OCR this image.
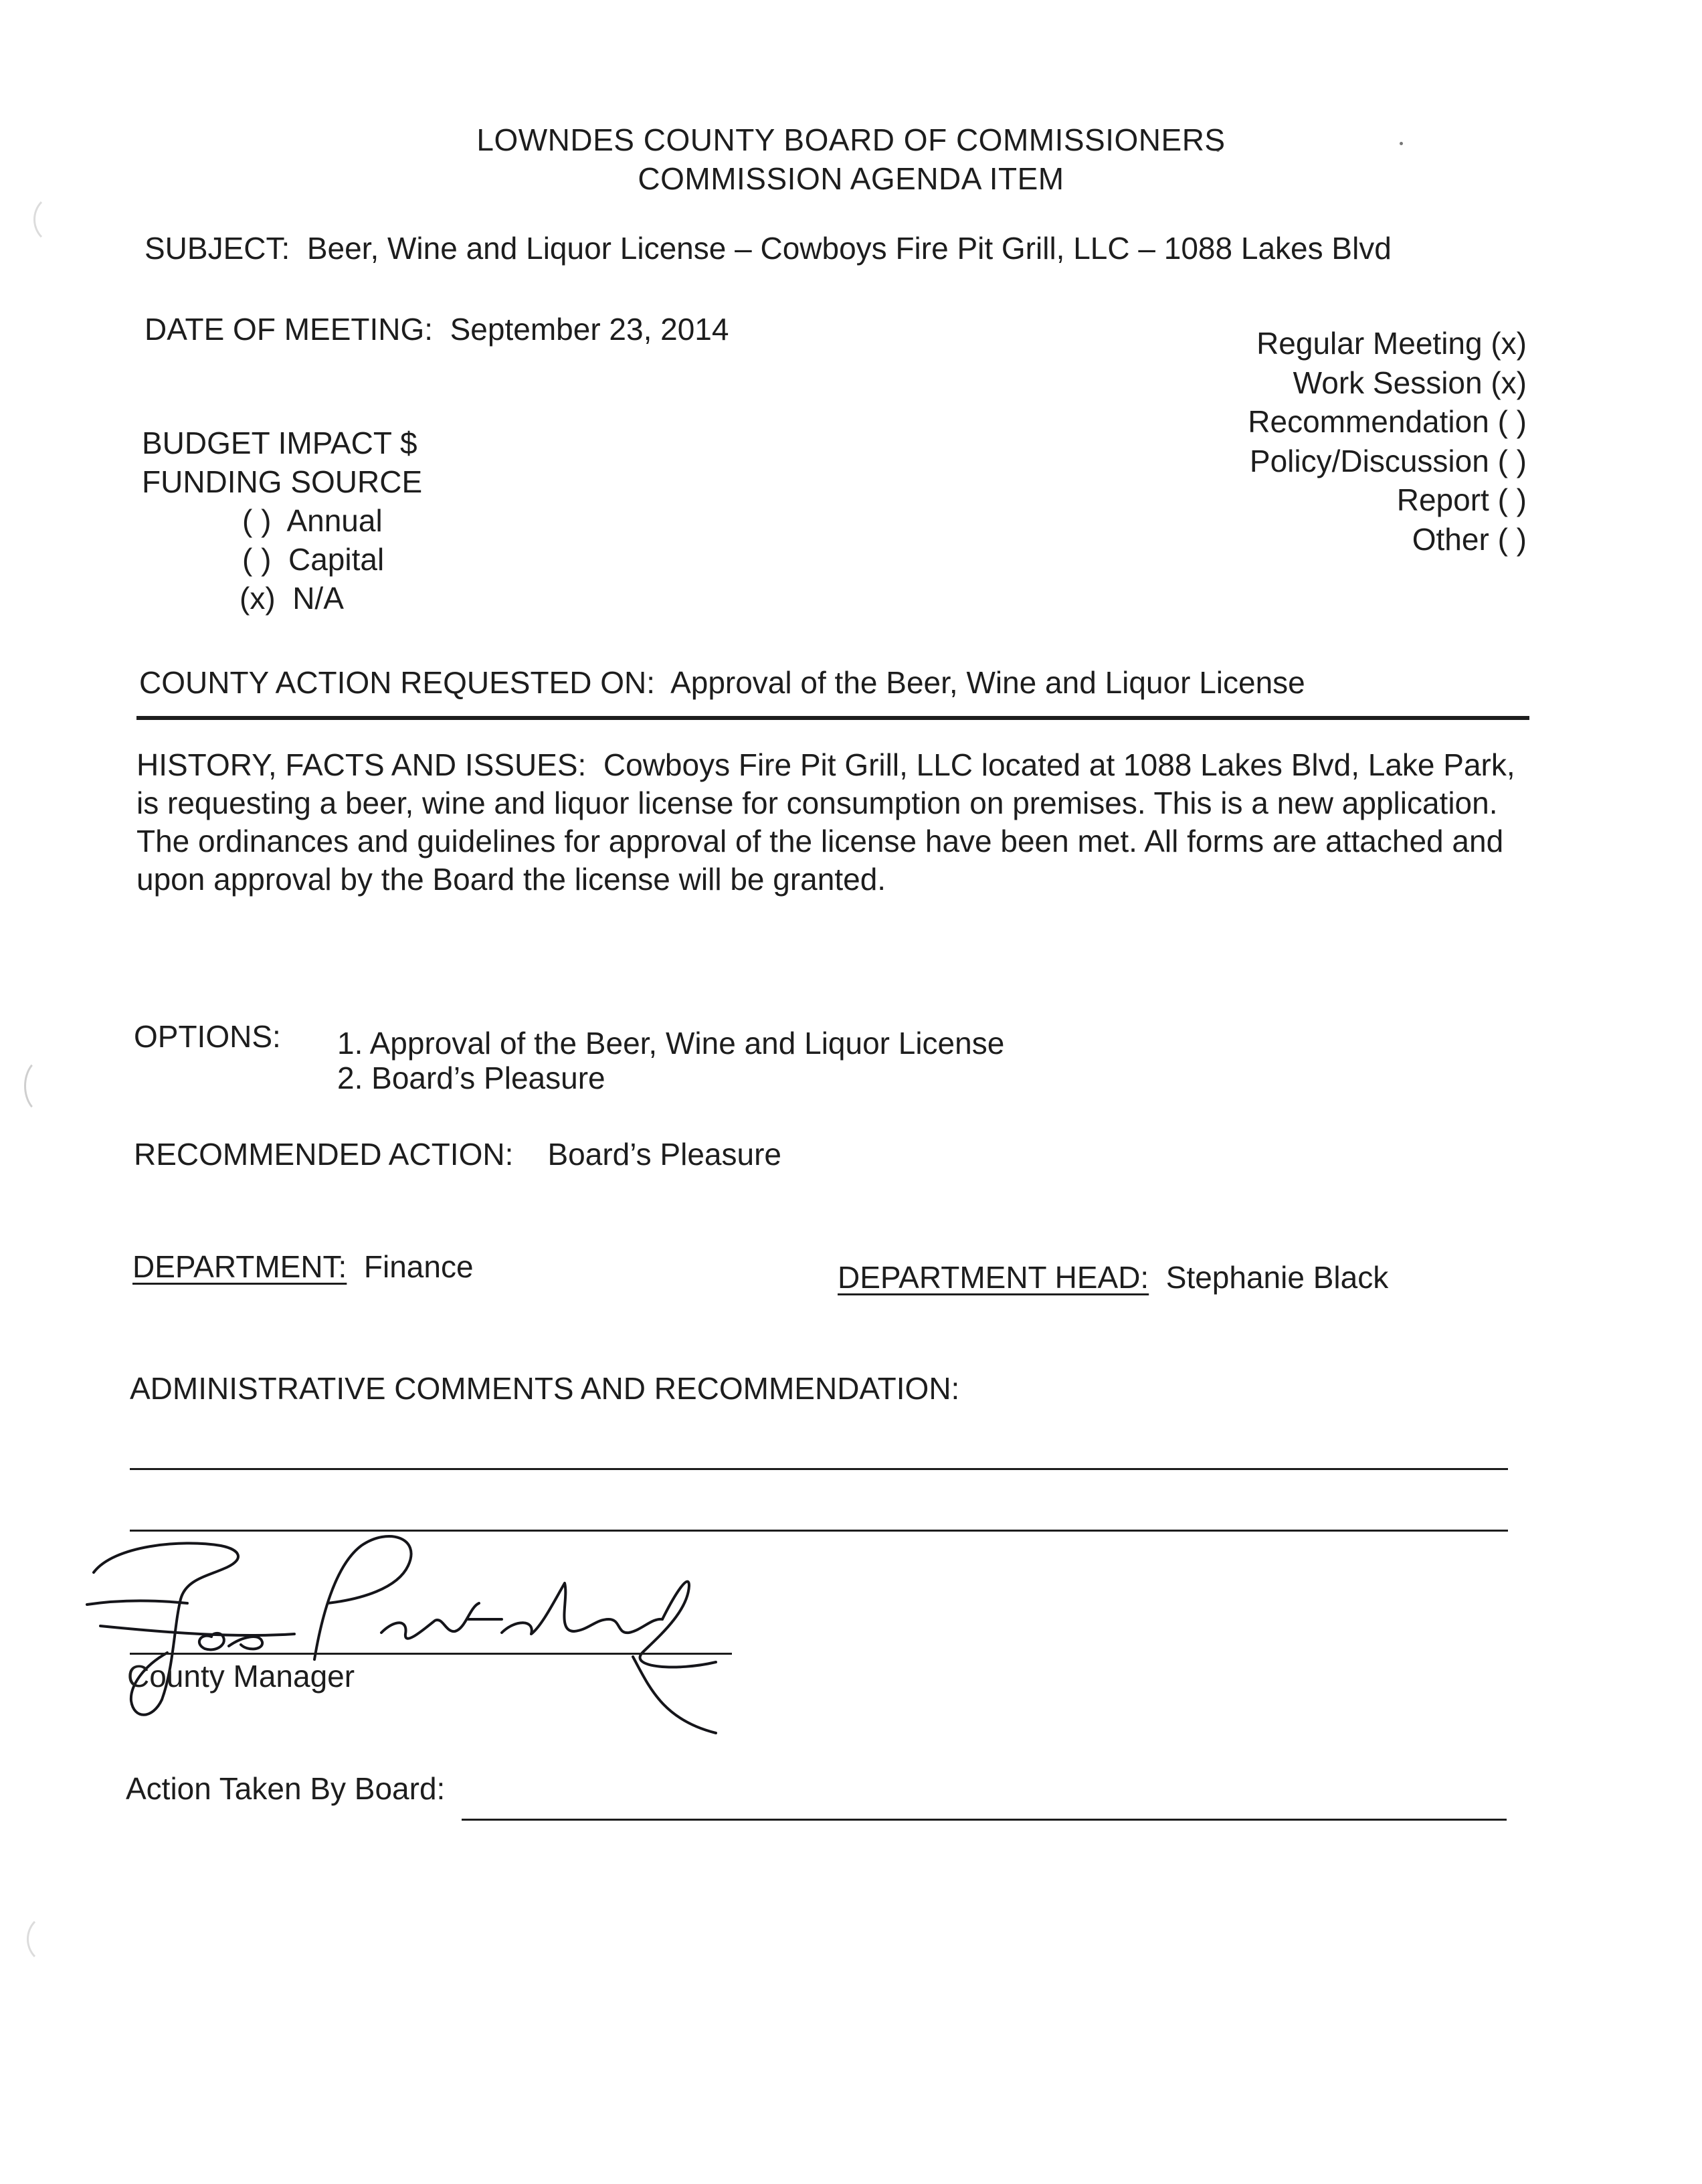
LOWNDES COUNTY BOARD OF COMMISSIONERS
COMMISSION AGENDA ITEM
SUBJECT: Beer, Wine and Liquor License – Cowboys Fire Pit Grill, LLC – 1088 Lakes Blvd
DATE OF MEETING: September 23, 2014	Regular Meeting (x)
Work Session (x)
Recommendation ( )
Policy/Discussion ( )
Report ( )
Other ( )
BUDGET IMPACT $
FUNDING SOURCE
( ) Annual
( ) Capital
(x) N/A
COUNTY ACTION REQUESTED ON: Approval of the Beer, Wine and Liquor License
HISTORY, FACTS AND ISSUES: Cowboys Fire Pit Grill, LLC located at 1088 Lakes Blvd, Lake Park, is requesting a beer, wine and liquor license for consumption on premises. This is a new application. The ordinances and guidelines for approval of the license have been met. All forms are attached and upon approval by the Board the license will be granted.
OPTIONS: 1. Approval of the Beer, Wine and Liquor License
2. Board’s Pleasure
RECOMMENDED ACTION: Board’s Pleasure
DEPARTMENT: Finance	DEPARTMENT HEAD: Stephanie Black
ADMINISTRATIVE COMMENTS AND RECOMMENDATION:
County Manager
Action Taken By Board:
